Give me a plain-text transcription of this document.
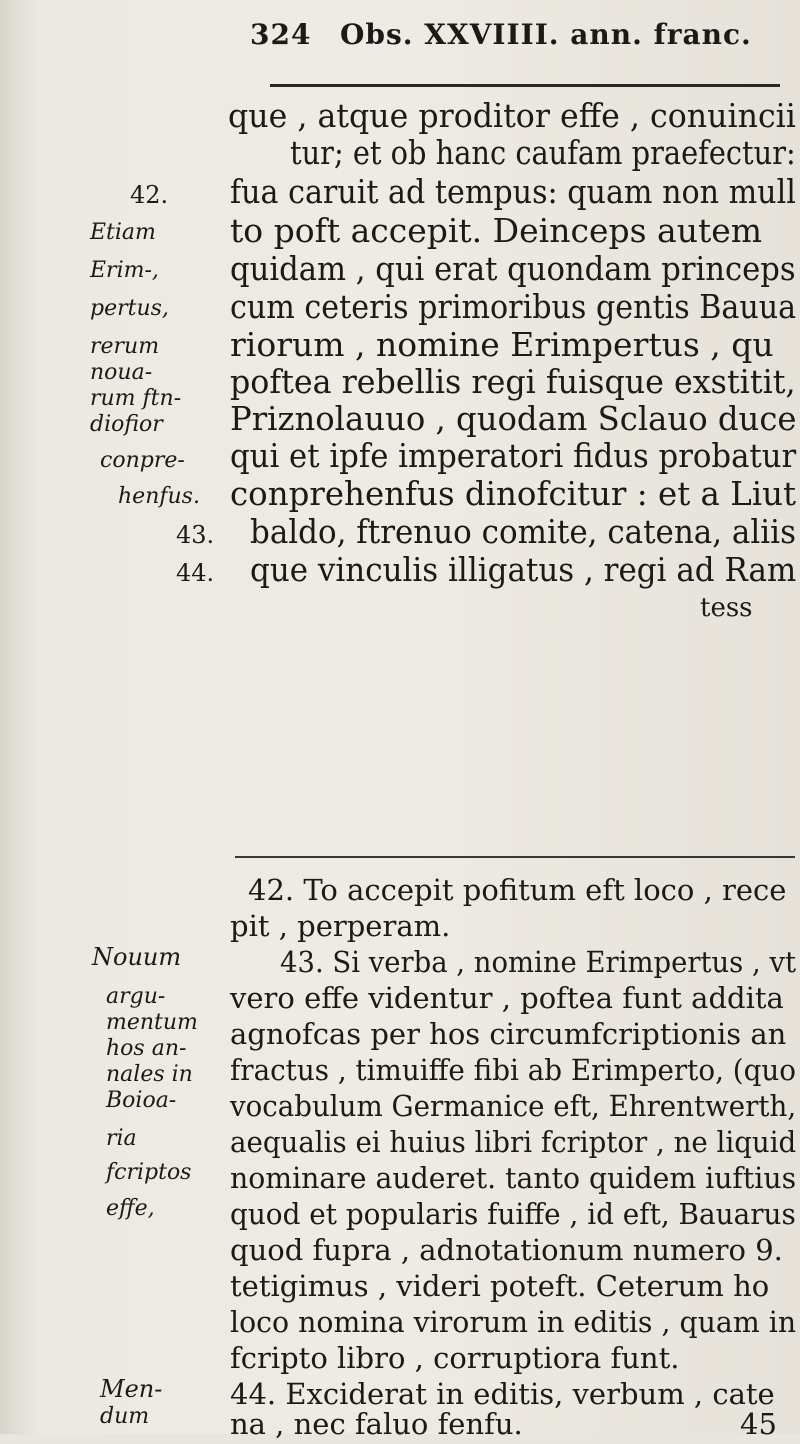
324 Obs. XXVIIII. ann. franc.
que , atque proditor effe , conuincii
tur; et ob hanc caufam praefectur:
fua caruit ad tempus: quam non mull
to poft accepit. Deinceps autem
quidam , qui erat quondam princeps
cum ceteris primoribus gentis Bauua
riorum , nomine Erimpertus , qu
poftea rebellis regi fuisque exstitit,
Priznolauuo , quodam Sclauo duce
qui et ipfe imperatori fidus probatur
conprehenfus dinofcitur : et a Liut
baldo, ftrenuo comite, catena, aliis
que vinculis illigatus , regi ad Ram
tess
42.
Etiam
Erim-,
pertus,
rerum
noua-
rum ftn-
diofior
conpre-
henfus.
43.
44.
42. To accepit pofitum eft loco , rece
pit , perperam.
43. Si verba , nomine Erimpertus , vt
vero effe videntur , poftea funt addita
agnofcas per hos circumfcriptionis an
fractus , timuiffe fibi ab Erimperto, (quo
vocabulum Germanice eft, Ehrentwerth,
aequalis ei huius libri fcriptor , ne liquid
nominare auderet. tanto quidem iuftius
quod et popularis fuiffe , id eft, Bauarus
quod fupra , adnotationum numero 9.
tetigimus , videri poteft. Ceterum ho
loco nomina virorum in editis , quam in
fcripto libro , corruptiora funt.
44. Exciderat in editis, verbum , cate
na , nec faluo fenfu.	45
Nouum
argu-
mentum
hos an-
nales in
Boioa-
ria
fcriptos
effe,
Men-
dum
